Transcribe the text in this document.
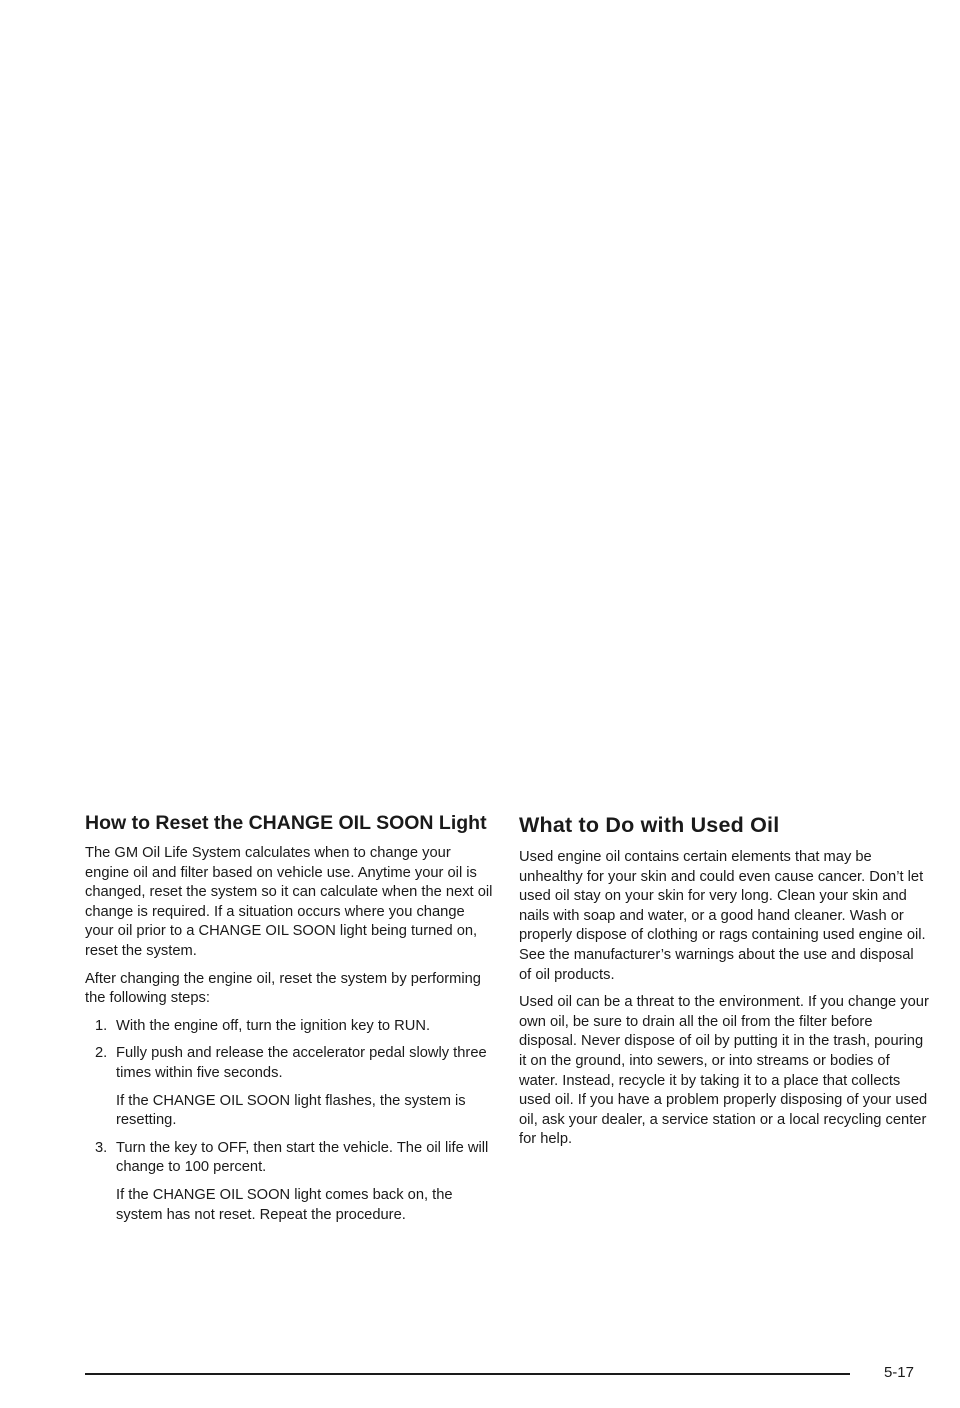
How to Reset the CHANGE OIL SOON Light

The GM Oil Life System calculates when to change your engine oil and filter based on vehicle use. Anytime your oil is changed, reset the system so it can calculate when the next oil change is required. If a situation occurs where you change your oil prior to a CHANGE OIL SOON light being turned on, reset the system.

After changing the engine oil, reset the system by performing the following steps:

1. With the engine off, turn the ignition key to RUN.
2. Fully push and release the accelerator pedal slowly three times within five seconds.

If the CHANGE OIL SOON light flashes, the system is resetting.

3. Turn the key to OFF, then start the vehicle. The oil life will change to 100 percent.

If the CHANGE OIL SOON light comes back on, the system has not reset. Repeat the procedure.

What to Do with Used Oil

Used engine oil contains certain elements that may be unhealthy for your skin and could even cause cancer. Don’t let used oil stay on your skin for very long. Clean your skin and nails with soap and water, or a good hand cleaner. Wash or properly dispose of clothing or rags containing used engine oil. See the manufacturer’s warnings about the use and disposal of oil products.

Used oil can be a threat to the environment. If you change your own oil, be sure to drain all the oil from the filter before disposal. Never dispose of oil by putting it in the trash, pouring it on the ground, into sewers, or into streams or bodies of water. Instead, recycle it by taking it to a place that collects used oil. If you have a problem properly disposing of your used oil, ask your dealer, a service station or a local recycling center for help.

5-17
